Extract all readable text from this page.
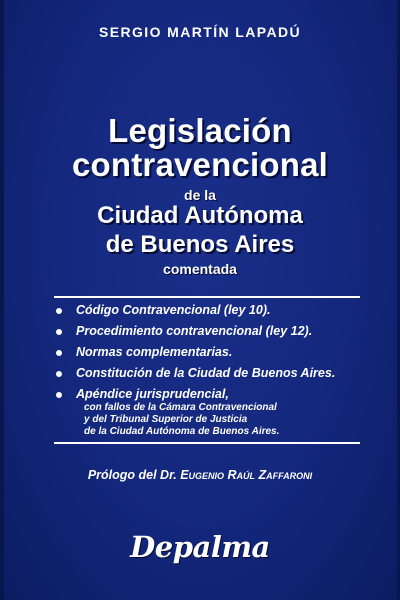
SERGIO MARTÍN LAPADÚ
Legislación
contravencional
de la
Ciudad Autónoma
de Buenos Aires
comentada
Código Contravencional (ley 10).
Procedimiento contravencional (ley 12).
Normas complementarias.
Constitución de la Ciudad de Buenos Aires.
Apéndice jurisprudencial,
con fallos de la Cámara Contravencional
y del Tribunal Superior de Justicia
de la Ciudad Autónoma de Buenos Aires.
Prólogo del Dr. Eugenio Raúl Zaffaroni
Depalma
